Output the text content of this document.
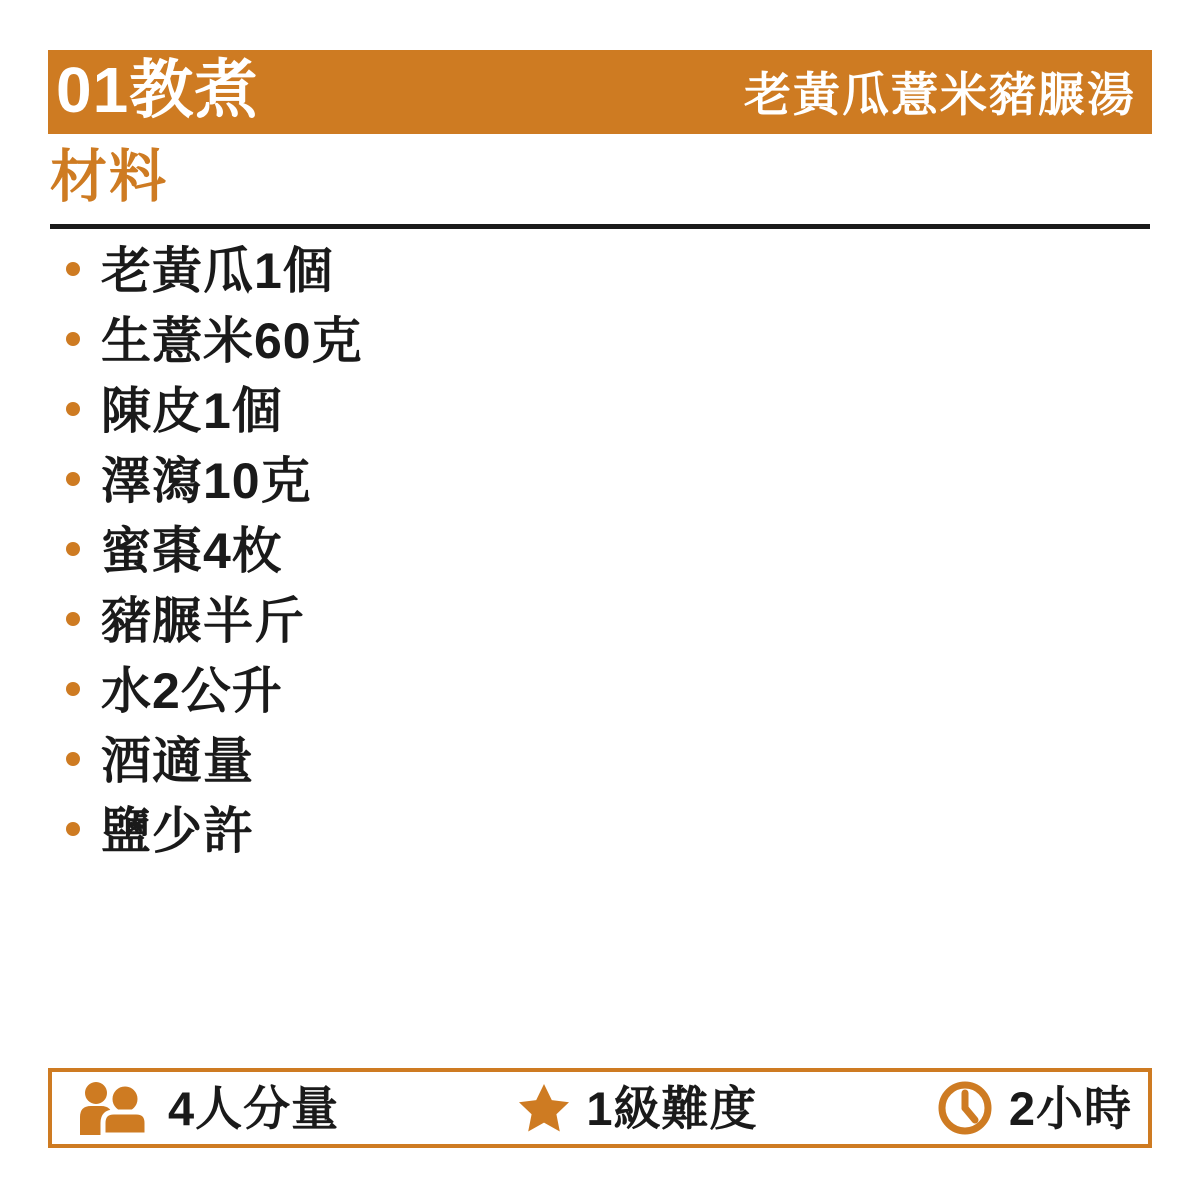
01教煮	老黃瓜薏米豬𦟌湯
材料
老黃瓜1個
生薏米60克
陳皮1個
澤瀉10克
蜜棗4枚
豬𦟌半斤
水2公升
酒適量
鹽少許
4人分量	1級難度	2小時
